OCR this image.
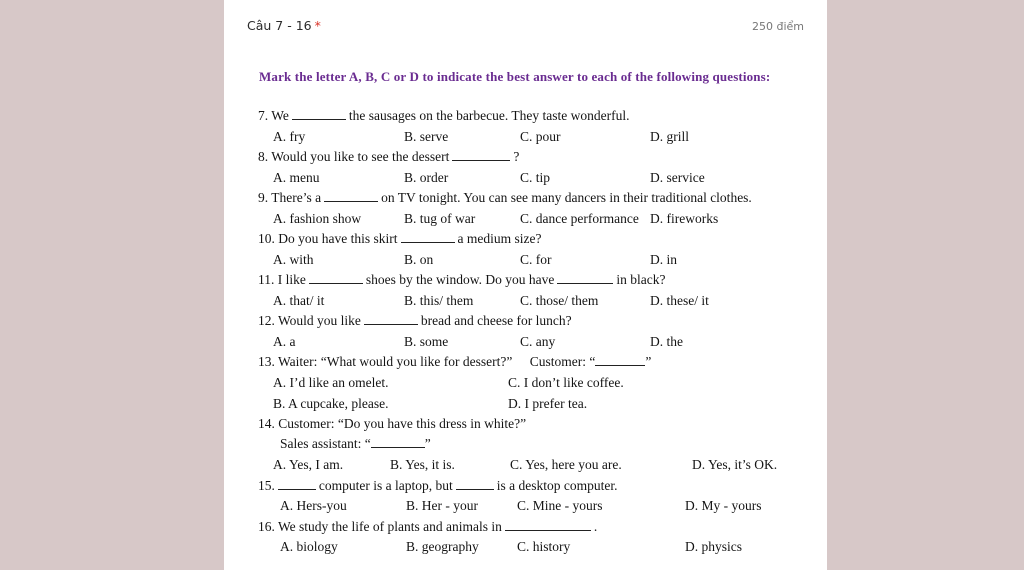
Câu 7 - 16 *	250 điểm
Mark the letter A, B, C or D to indicate the best answer to each of the following questions:
7. We	the sausages on the barbecue. They taste wonderful.
A. fry	B. serve	C. pour	D. grill
8. Would you like to see the dessert	?
A. menu	B. order	C. tip	D. service
9. There’s a	on TV tonight. You can see many dancers in their traditional clothes.
A. fashion show	B. tug of war	C. dance performance D. fireworks
10. Do you have this skirt	a medium size?
A. with	B. on	C. for	D. in
11. I like	shoes by the window. Do you have	in black?
A. that/ it	B. this/ them	C. those/ them	D. these/ it
12. Would you like	bread and cheese for lunch?
A. a	B. some	C. any	D. the
13. Waiter: “What would you like for dessert?” Customer: “	”
A. I’d like an omelet.	C. I don’t like coffee.
B. A cupcake, please.	D. I prefer tea.
14. Customer: “Do you have this dress in white?”
Sales assistant: “	”
A. Yes, I am.	B. Yes, it is.	C. Yes, here you are.	D. Yes, it’s OK.
15.	computer is a laptop, but	is a desktop computer.
A. Hers-you	B. Her - your	C. Mine - yours	D. My - yours
16. We study the life of plants and animals in	.
A. biology	B. geography	C. history	D. physics
